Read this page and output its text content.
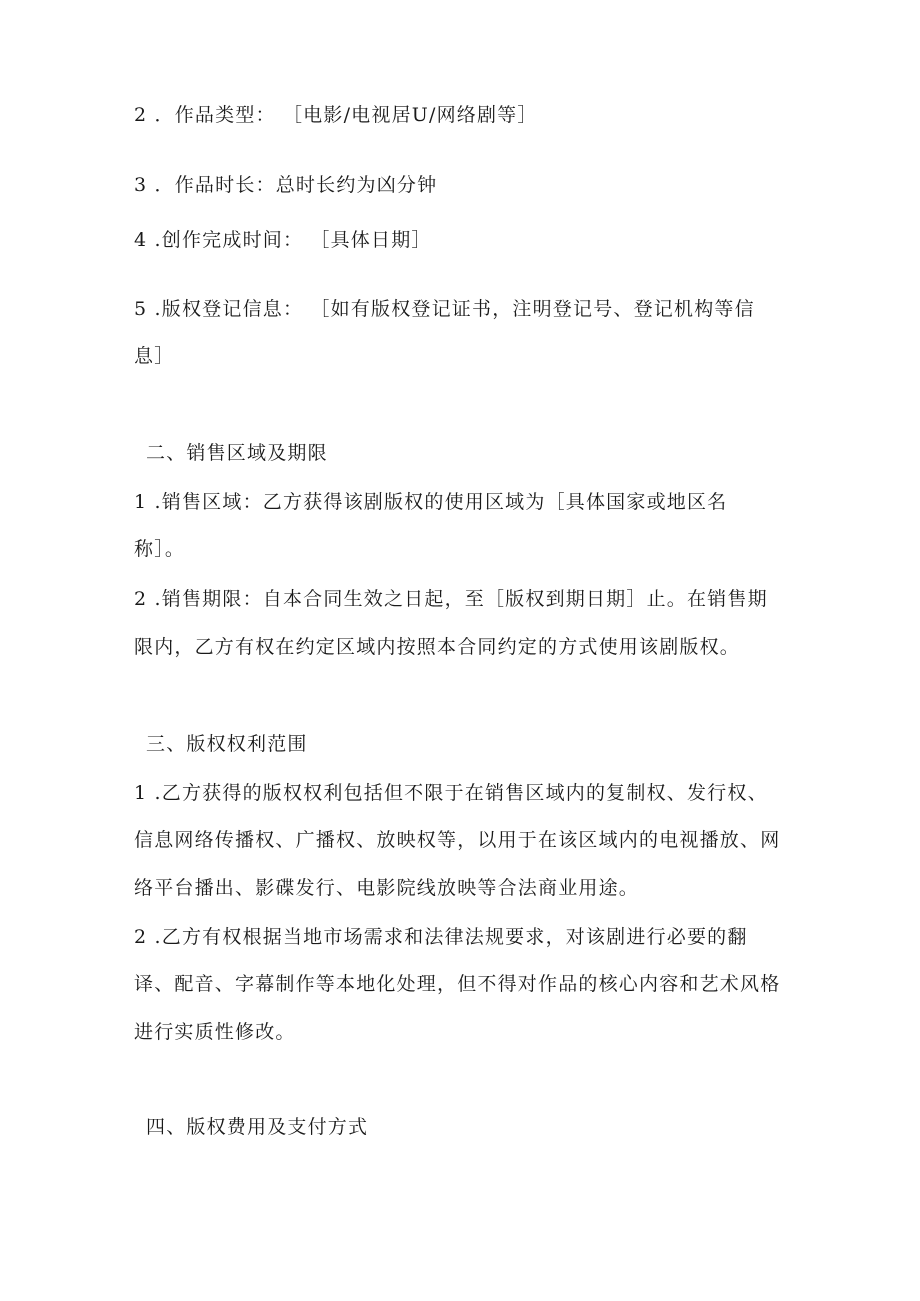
2 ．作品类型： ［电影/电视居U/网络剧等］
3 ．作品时长：总时长约为凶分钟
4 .创作完成时间： ［具体日期］
5 .版权登记信息： ［如有版权登记证书，注明登记号、登记机构等信
息］
二、销售区域及期限
1 .销售区域：乙方获得该剧版权的使用区域为［具体国家或地区名
称］。
2 .销售期限：自本合同生效之日起，至［版权到期日期］止。在销售期
限内，乙方有权在约定区域内按照本合同约定的方式使用该剧版权。
三、版权权利范围
1 .乙方获得的版权权利包括但不限于在销售区域内的复制权、发行权、
信息网络传播权、广播权、放映权等，以用于在该区域内的电视播放、网
络平台播出、影碟发行、电影院线放映等合法商业用途。
2 .乙方有权根据当地市场需求和法律法规要求，对该剧进行必要的翻
译、配音、字幕制作等本地化处理，但不得对作品的核心内容和艺术风格
进行实质性修改。
四、版权费用及支付方式
